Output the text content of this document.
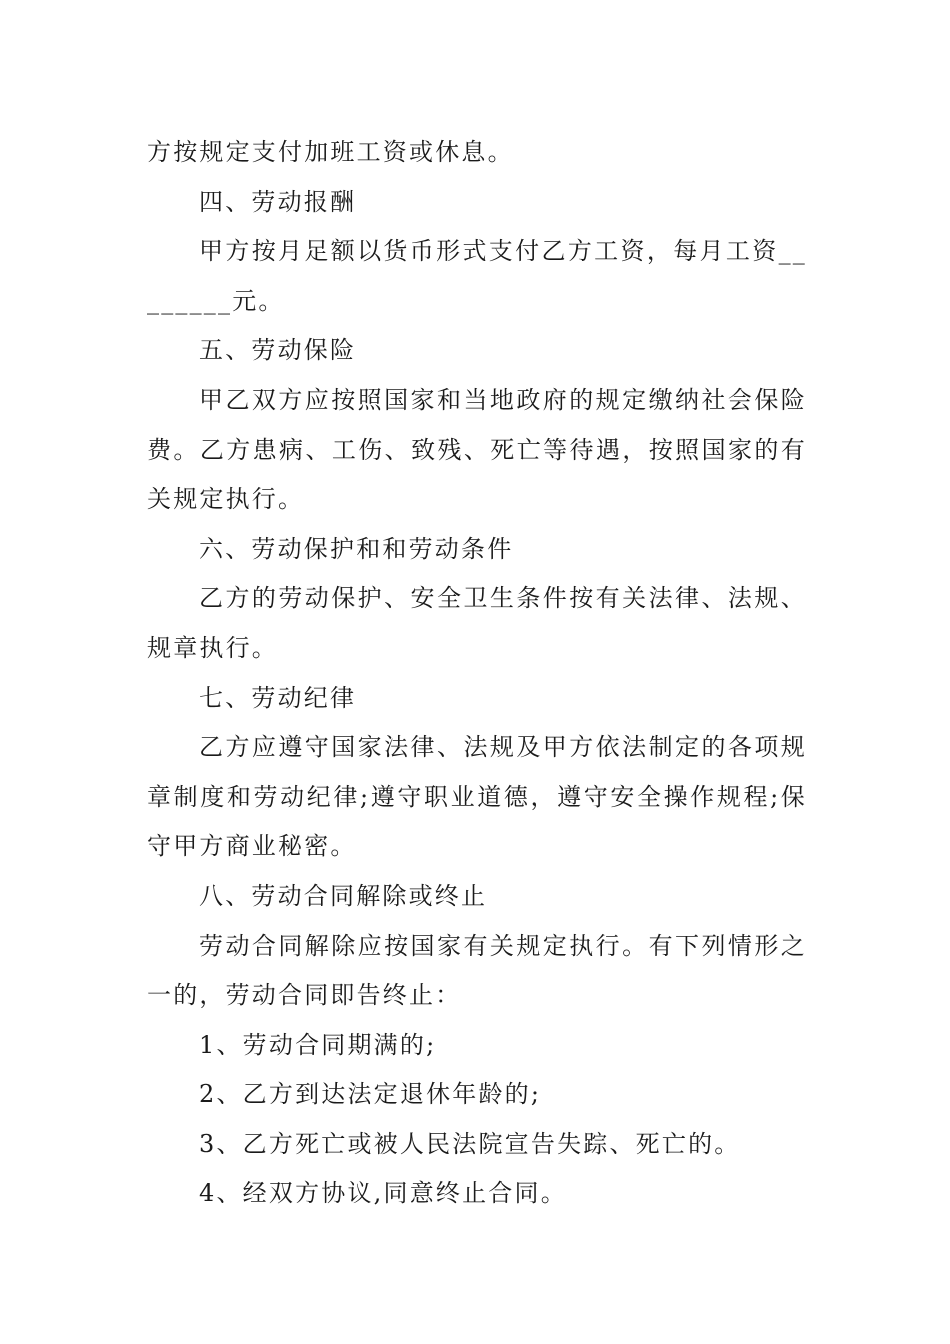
方按规定支付加班工资或休息。

四、劳动报酬

甲方按月足额以货币形式支付乙方工资，每月工资________元。

五、劳动保险

甲乙双方应按照国家和当地政府的规定缴纳社会保险费。乙方患病、工伤、致残、死亡等待遇，按照国家的有关规定执行。

六、劳动保护和和劳动条件

乙方的劳动保护、安全卫生条件按有关法律、法规、规章执行。

七、劳动纪律

乙方应遵守国家法律、法规及甲方依法制定的各项规章制度和劳动纪律;遵守职业道德，遵守安全操作规程;保守甲方商业秘密。

八、劳动合同解除或终止

劳动合同解除应按国家有关规定执行。有下列情形之一的，劳动合同即告终止：

1、劳动合同期满的;

2、乙方到达法定退休年龄的;

3、乙方死亡或被人民法院宣告失踪、死亡的。

4、经双方协议,同意终止合同。
